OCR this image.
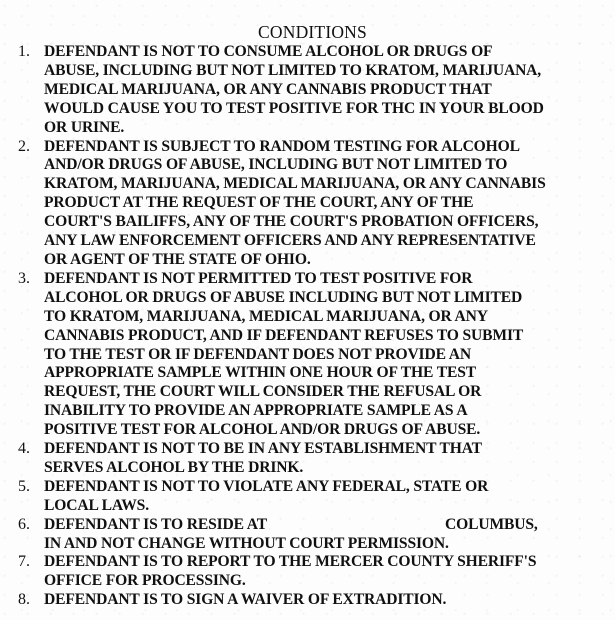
CONDITIONS
1. DEFENDANT IS NOT TO CONSUME ALCOHOL OR DRUGS OF
ABUSE, INCLUDING BUT NOT LIMITED TO KRATOM, MARIJUANA,
MEDICAL MARIJUANA, OR ANY CANNABIS PRODUCT THAT
WOULD CAUSE YOU TO TEST POSITIVE FOR THC IN YOUR BLOOD
OR URINE.
2. DEFENDANT IS SUBJECT TO RANDOM TESTING FOR ALCOHOL
AND/OR DRUGS OF ABUSE, INCLUDING BUT NOT LIMITED TO
KRATOM, MARIJUANA, MEDICAL MARIJUANA, OR ANY CANNABIS
PRODUCT AT THE REQUEST OF THE COURT, ANY OF THE
COURT'S BAILIFFS, ANY OF THE COURT'S PROBATION OFFICERS,
ANY LAW ENFORCEMENT OFFICERS AND ANY REPRESENTATIVE
OR AGENT OF THE STATE OF OHIO.
3. DEFENDANT IS NOT PERMITTED TO TEST POSITIVE FOR
ALCOHOL OR DRUGS OF ABUSE INCLUDING BUT NOT LIMITED
TO KRATOM, MARIJUANA, MEDICAL MARIJUANA, OR ANY
CANNABIS PRODUCT, AND IF DEFENDANT REFUSES TO SUBMIT
TO THE TEST OR IF DEFENDANT DOES NOT PROVIDE AN
APPROPRIATE SAMPLE WITHIN ONE HOUR OF THE TEST
REQUEST, THE COURT WILL CONSIDER THE REFUSAL OR
INABILITY TO PROVIDE AN APPROPRIATE SAMPLE AS A
POSITIVE TEST FOR ALCOHOL AND/OR DRUGS OF ABUSE.
4. DEFENDANT IS NOT TO BE IN ANY ESTABLISHMENT THAT
SERVES ALCOHOL BY THE DRINK.
5. DEFENDANT IS NOT TO VIOLATE ANY FEDERAL, STATE OR
LOCAL LAWS.
6. DEFENDANT IS TO RESIDE AT	COLUMBUS,
IN AND NOT CHANGE WITHOUT COURT PERMISSION.
7. DEFENDANT IS TO REPORT TO THE MERCER COUNTY SHERIFF'S
OFFICE FOR PROCESSING.
8. DEFENDANT IS TO SIGN A WAIVER OF EXTRADITION.
